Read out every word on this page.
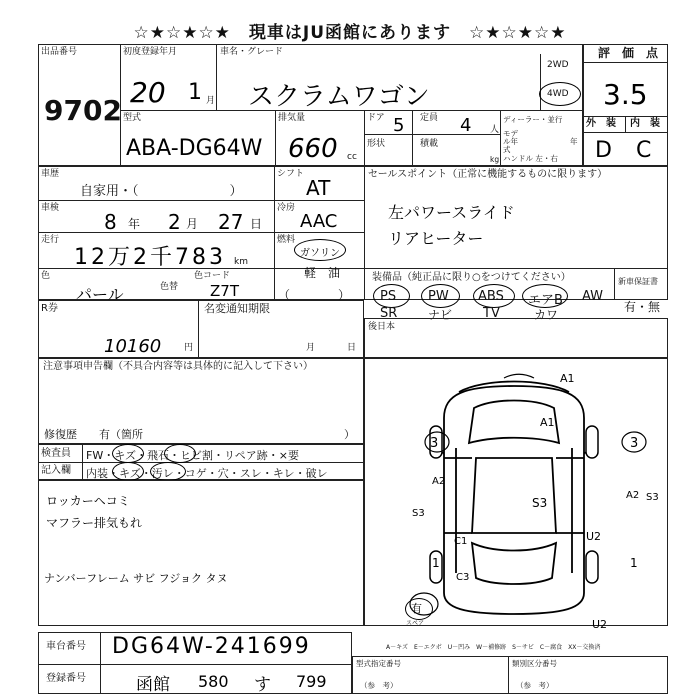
☆★☆★☆★　現車はJU函館にあります　☆★☆★☆★
出品番号
9702
初度登録年月
20 1 月
車名・グレード
スクラムワゴン
2WD
4WD
評　価　点
3.5
外　装 内　装
D C
型式
ABA-DG64W
排気量
660 cc
ドア 5 定員 4 人
形状	積載
kg
ディーラー・並行
モデル年式
年
ハンドル 左・右
車歴
自家用・（　　　　　　　）
車検
8 年 2 月 27 日
走行
12万2千783 km
色
パール	色替
色コード
Z7T
シフト
AT
冷房
AAC
燃料
ガソリン
軽　油
（　　　　）
セールスポイント（正常に機能するものに限ります）
左パワースライド
リアヒーター
装備品（純正品に限り○をつけてください）	新車保証書
有・無
PS PW ABS エアB AW
SR	ナビ TV	カワ
R券
10160	円
名変通知期限
月	日
後日本
注意事項申告欄（不具合内容等は具体的に記入して下さい）
修復歴　　有（箇所	）
検査員
記入欄
FW・キズ・飛石・ヒビ割・リペア跡・×要
内装・キズ・汚レ・コゲ・穴・スレ・キレ・破レ
ロッカーヘコミ
マフラー排気もれ
ナンバーフレーム サビ フジョク タヌ
A1
A1
3	3
A2
A2
S3
S3	S3
U2
C1
C3
1	1
U2
有
スペア
A－キズ　E－エクボ　U－凹み　W－補修跡　S－サビ　C－腐食　XX－交換済
車台番号 DG64W-241699
登録番号	函館 580 す 799
型式指定番号
（参　考）
類別区分番号
（参　考）
